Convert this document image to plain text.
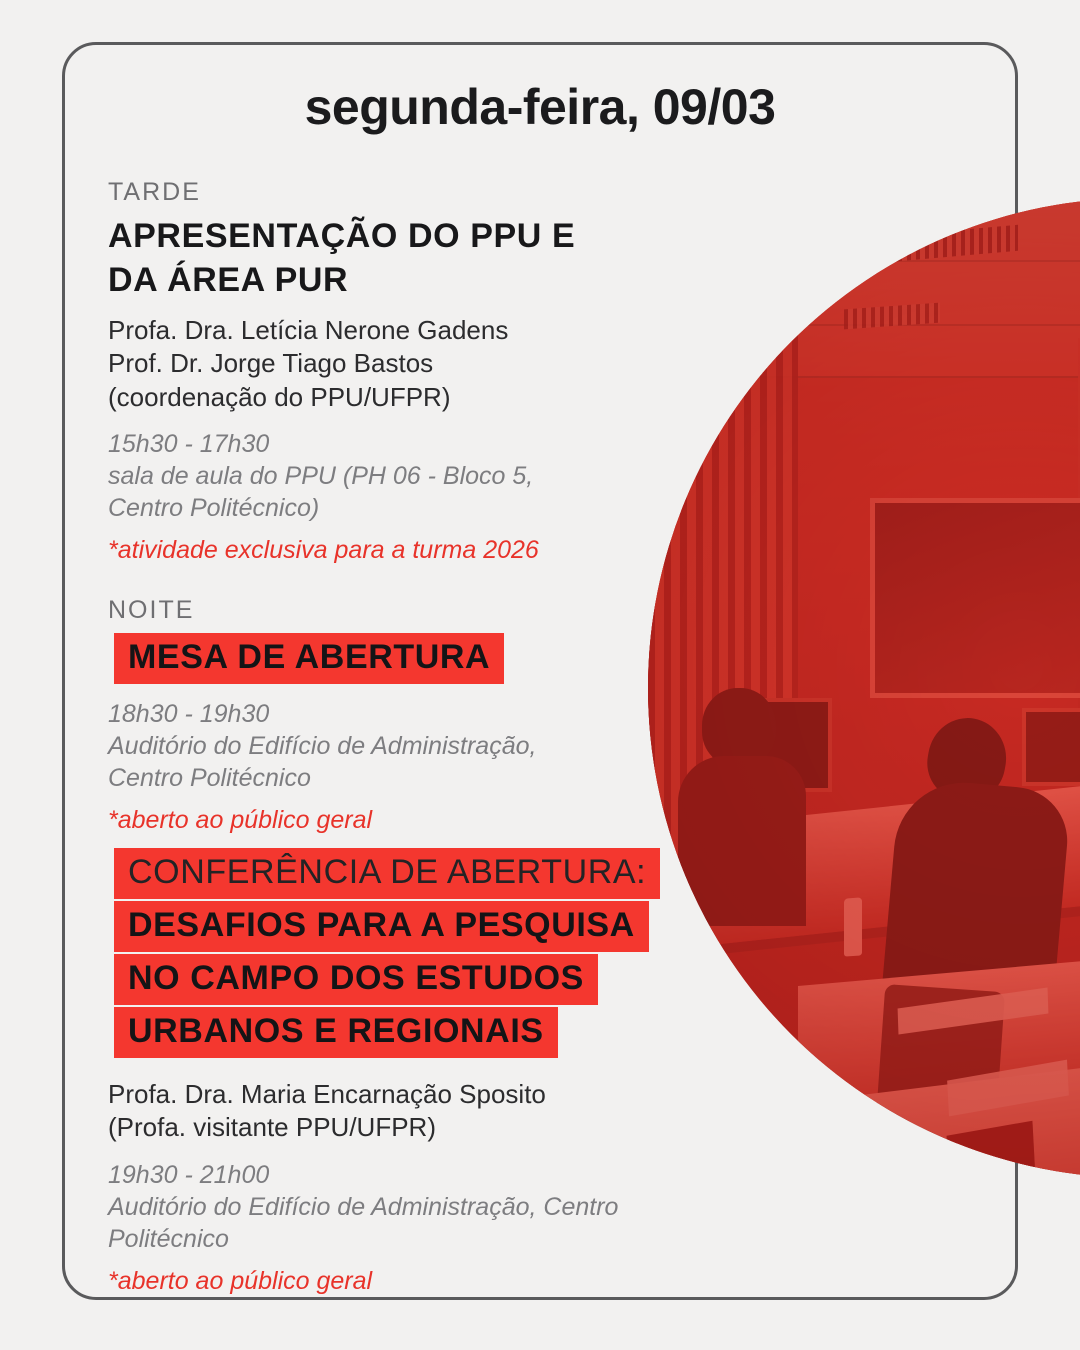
segunda-feira, 09/03

TARDE

APRESENTAÇÃO DO PPU E
DA ÁREA PUR

Profa. Dra. Letícia Nerone Gadens
Prof. Dr. Jorge Tiago Bastos
(coordenação do PPU/UFPR)

15h30 - 17h30
sala de aula do PPU (PH 06 - Bloco 5,
Centro Politécnico)

*atividade exclusiva para a turma 2026

NOITE

MESA DE ABERTURA

18h30 - 19h30
Auditório do Edifício de Administração,
Centro Politécnico

*aberto ao público geral

CONFERÊNCIA DE ABERTURA:
DESAFIOS PARA A PESQUISA
NO CAMPO DOS ESTUDOS
URBANOS E REGIONAIS

Profa. Dra. Maria Encarnação Sposito
(Profa. visitante PPU/UFPR)

19h30 - 21h00
Auditório do Edifício de Administração, Centro Politécnico

*aberto ao público geral
